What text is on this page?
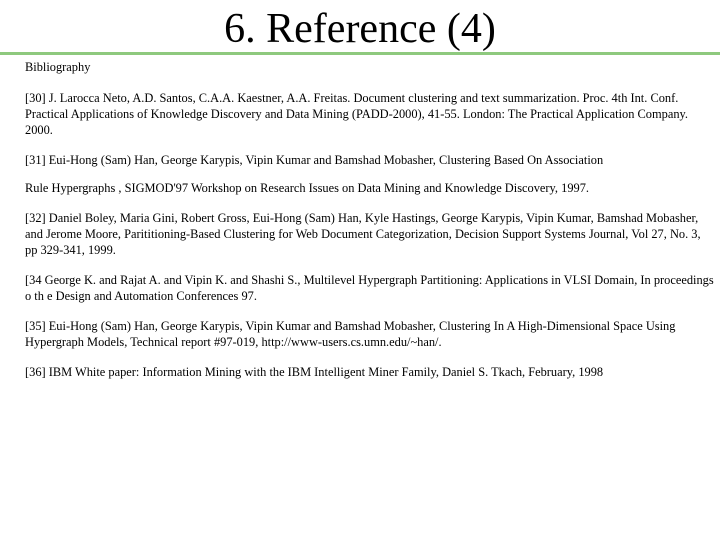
6. Reference (4)
Bibliography
[30] J. Larocca Neto, A.D. Santos, C.A.A. Kaestner, A.A. Freitas. Document clustering and text summarization. Proc. 4th Int. Conf. Practical Applications of Knowledge Discovery and Data Mining (PADD-2000), 41-55. London: The Practical Application Company. 2000.
[31] Eui-Hong (Sam) Han, George Karypis, Vipin Kumar and Bamshad Mobasher, Clustering Based On Association
Rule Hypergraphs , SIGMOD'97 Workshop on Research Issues on Data Mining and Knowledge Discovery, 1997.
[32] Daniel Boley, Maria Gini, Robert Gross, Eui-Hong (Sam) Han, Kyle Hastings, George Karypis, Vipin Kumar, Bamshad Mobasher, and Jerome Moore, Parititioning-Based Clustering for Web Document Categorization, Decision Support Systems Journal, Vol 27, No. 3, pp 329-341, 1999.
[34 George K. and Rajat A. and Vipin K. and Shashi S., Multilevel Hypergraph Partitioning: Applications in VLSI Domain, In proceedings o th e Design and Automation Conferences 97.
[35] Eui-Hong (Sam) Han, George Karypis, Vipin Kumar and Bamshad Mobasher, Clustering In A High-Dimensional Space Using Hypergraph Models, Technical report #97-019, http://www-users.cs.umn.edu/~han/.
[36] IBM White paper: Information Mining with the IBM Intelligent Miner Family, Daniel S. Tkach, February, 1998
